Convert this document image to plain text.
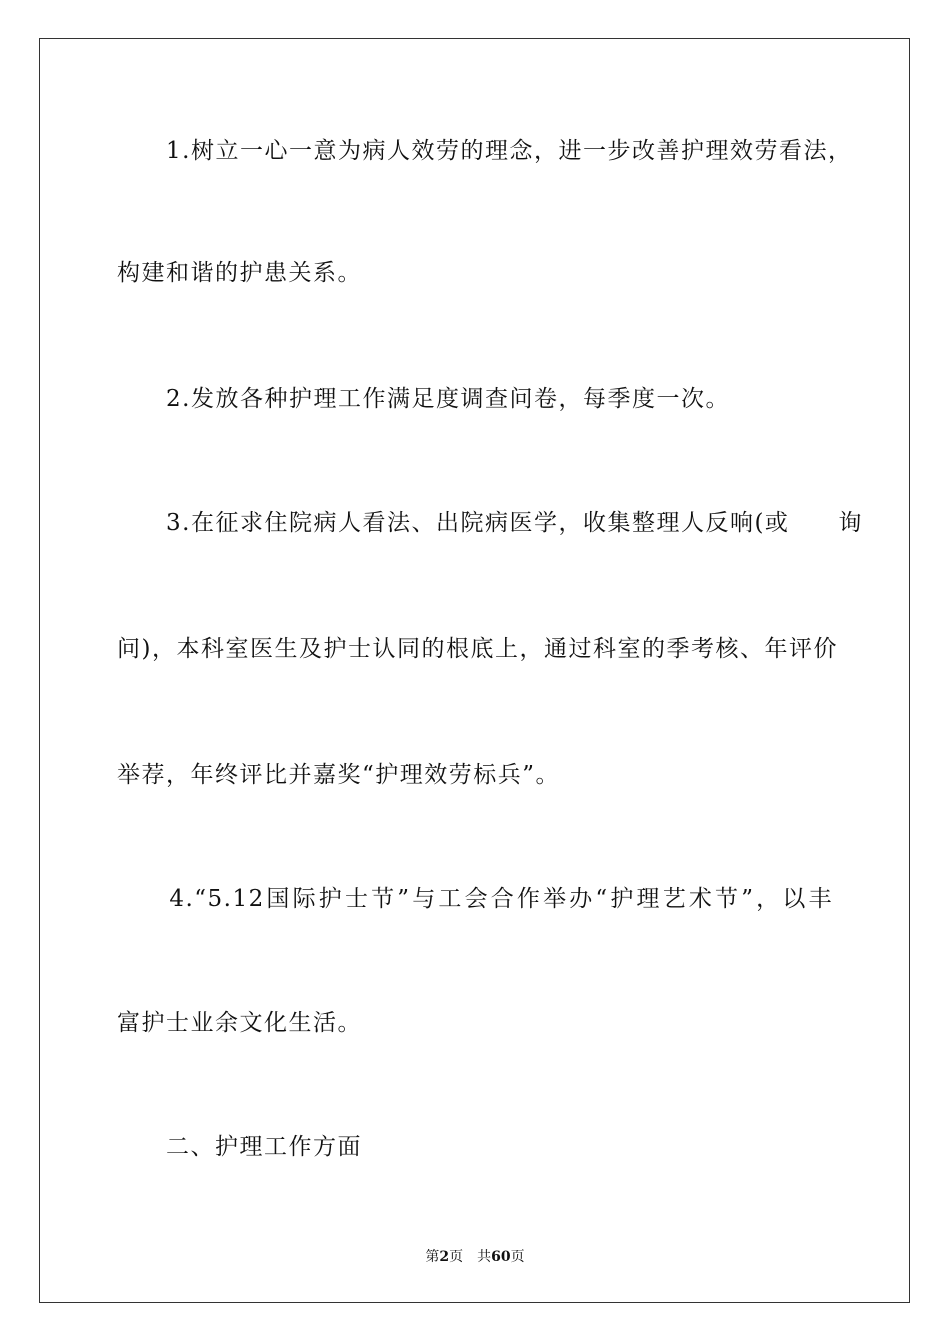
　　1.树立一心一意为病人效劳的理念，进一步改善护理效劳看法，
构建和谐的护患关系。
　　2.发放各种护理工作满足度调查问卷，每季度一次。
　　3.在征求住院病人看法、出院病医学，收集整理人反响(或　　询
问)，本科室医生及护士认同的根底上，通过科室的季考核、年评价
举荐，年终评比并嘉奖“护理效劳标兵”。
　　4.“5.12国际护士节”与工会合作举办“护理艺术节”，以丰
富护士业余文化生活。
　　二、护理工作方面
第2页　共60页
